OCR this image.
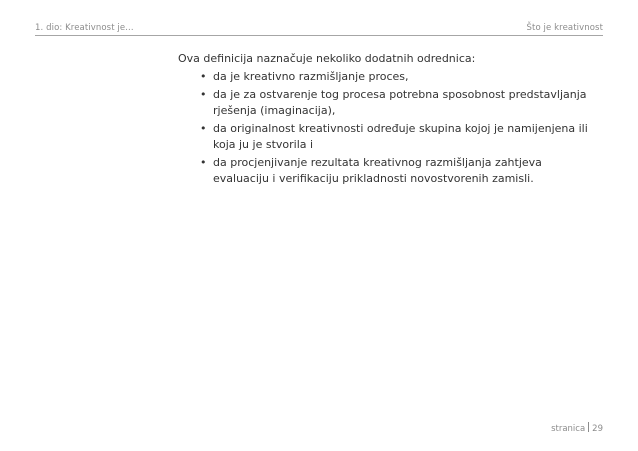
1. dio: Kreativnost je...	Što je kreativnost

Ova definicija naznačuje nekoliko dodatnih odrednica:

• da je kreativno razmišljanje proces,
• da je za ostvarenje tog procesa potrebna sposobnost predstavljanja rješenja (imaginacija),
• da originalnost kreativnosti određuje skupina kojoj je namijenjena ili koja ju je stvorila i
• da procjenjivanje rezultata kreativnog razmišljanja zahtjeva evaluaciju i verifikaciju prikladnosti novostvorenih zamisli.
stranica 29
